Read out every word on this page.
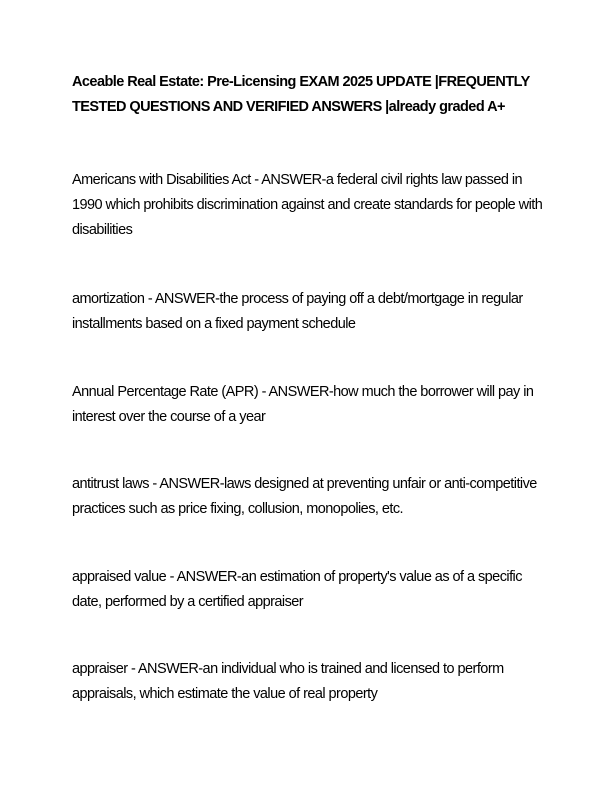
Aceable Real Estate: Pre-Licensing EXAM 2025 UPDATE |FREQUENTLY TESTED QUESTIONS AND VERIFIED ANSWERS |already graded A+

Americans with Disabilities Act - ANSWER-a federal civil rights law passed in 1990 which prohibits discrimination against and create standards for people with disabilities

amortization - ANSWER-the process of paying off a debt/mortgage in regular installments based on a fixed payment schedule

Annual Percentage Rate (APR) - ANSWER-how much the borrower will pay in interest over the course of a year

antitrust laws - ANSWER-laws designed at preventing unfair or anti-competitive practices such as price fixing, collusion, monopolies, etc.

appraised value - ANSWER-an estimation of property's value as of a specific date, performed by a certified appraiser

appraiser - ANSWER-an individual who is trained and licensed to perform appraisals, which estimate the value of real property
